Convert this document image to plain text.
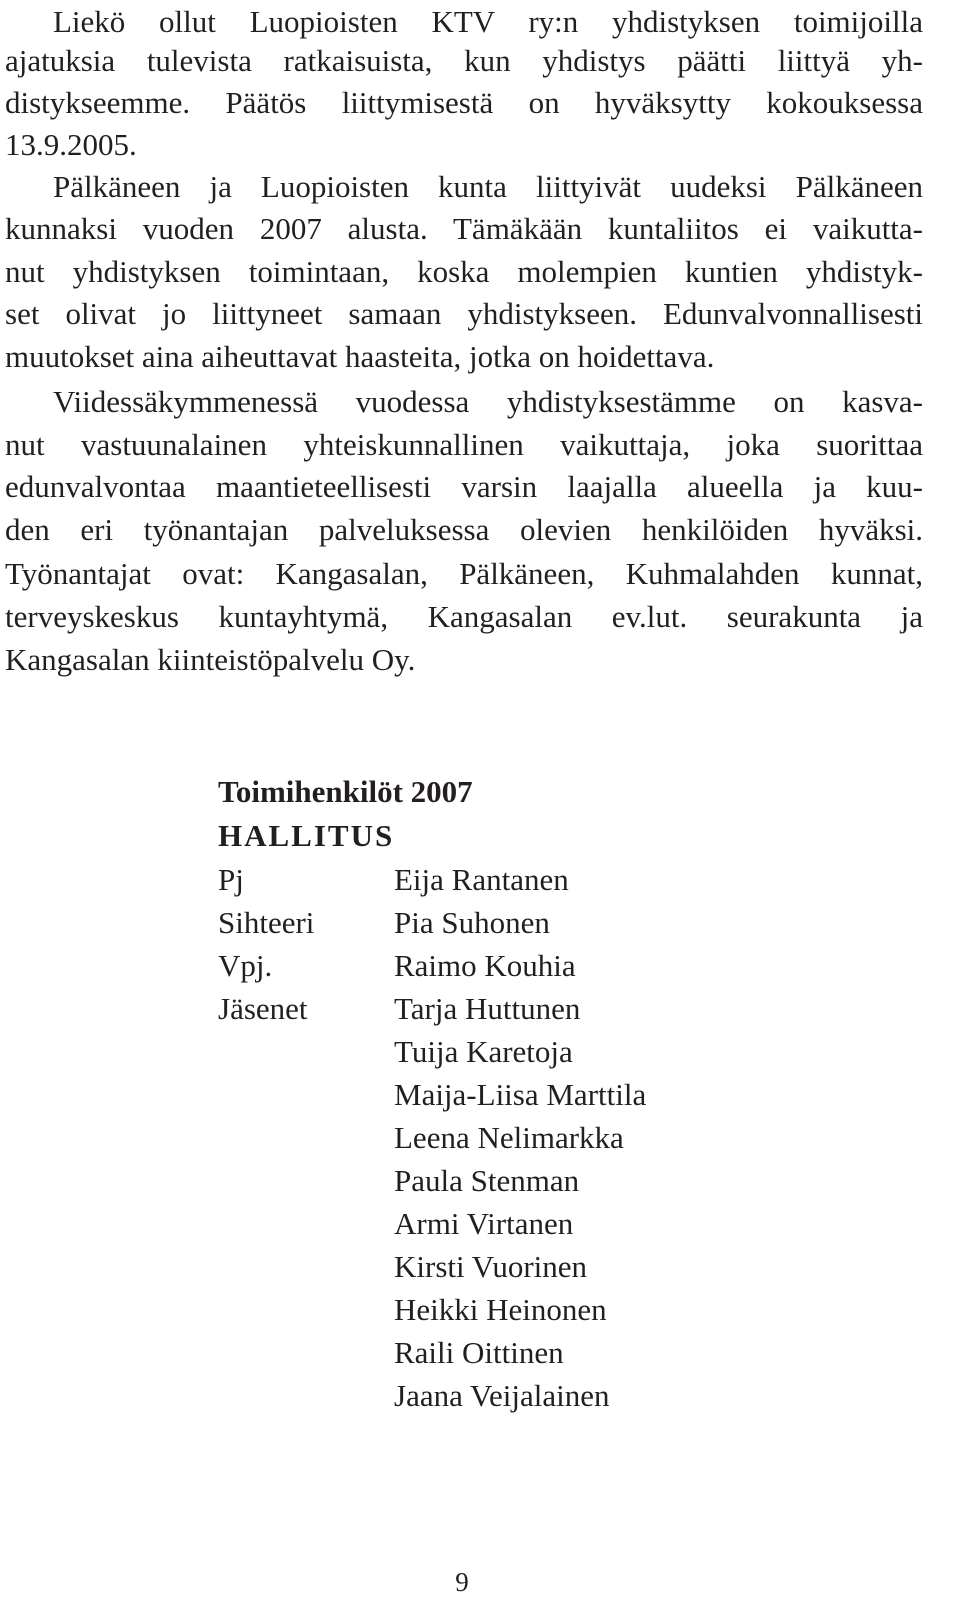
Liekö ollut Luopioisten KTV ry:n yhdistyksen toimijoilla
ajatuksia tulevista ratkaisuista, kun yhdistys päätti liittyä yh-
distykseemme. Päätös liittymisestä on hyväksytty kokouksessa
13.9.2005.
Pälkäneen ja Luopioisten kunta liittyivät uudeksi Pälkäneen
kunnaksi vuoden 2007 alusta. Tämäkään kuntaliitos ei vaikutta-
nut yhdistyksen toimintaan, koska molempien kuntien yhdistyk-
set olivat jo liittyneet samaan yhdistykseen. Edunvalvonnallisesti
muutokset aina aiheuttavat haasteita, jotka on hoidettava.
Viidessäkymmenessä vuodessa yhdistyksestämme on kasva-
nut vastuunalainen yhteiskunnallinen vaikuttaja, joka suorittaa
edunvalvontaa maantieteellisesti varsin laajalla alueella ja kuu-
den eri työnantajan palveluksessa olevien henkilöiden hyväksi.
Työnantajat ovat: Kangasalan, Pälkäneen, Kuhmalahden kunnat,
terveyskeskus kuntayhtymä, Kangasalan ev.lut. seurakunta ja
Kangasalan kiinteistöpalvelu Oy.
Toimihenkilöt 2007
HALLITUS
Pj
Sihteeri
Vpj.
Jäsenet
Eija Rantanen
Pia Suhonen
Raimo Kouhia
Tarja Huttunen
Tuija Karetoja
Maija-Liisa Marttila
Leena Nelimarkka
Paula Stenman
Armi Virtanen
Kirsti Vuorinen
Heikki Heinonen
Raili Oittinen
Jaana Veijalainen
9
